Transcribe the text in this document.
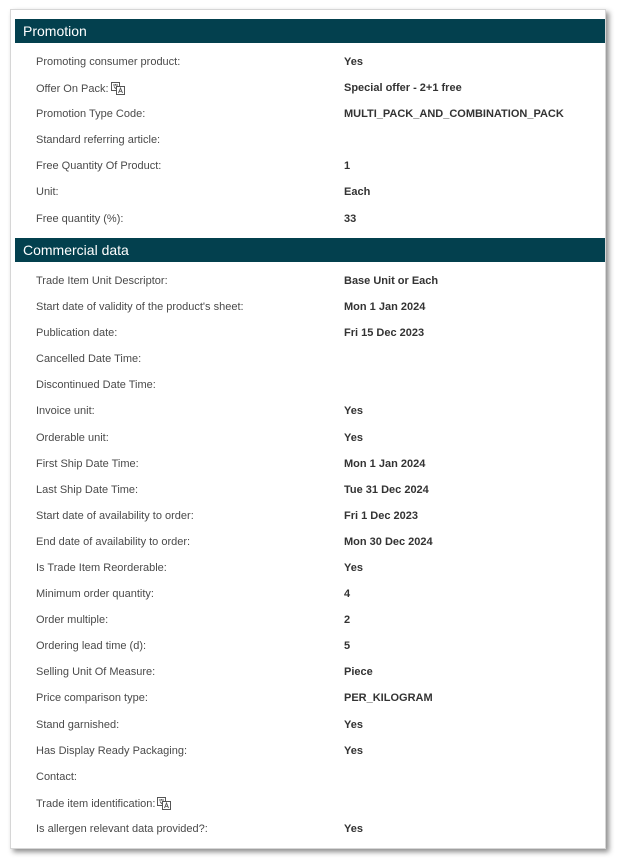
Promotion
Promoting consumer product:	Yes
Offer On Pack:	Special offer - 2+1 free
Promotion Type Code:	MULTI_PACK_AND_COMBINATION_PACK
Standard referring article:
Free Quantity Of Product:	1
Unit:	Each
Free quantity (%):	33
Commercial data
Trade Item Unit Descriptor:	Base Unit or Each
Start date of validity of the product's sheet:	Mon 1 Jan 2024
Publication date:	Fri 15 Dec 2023
Cancelled Date Time:
Discontinued Date Time:
Invoice unit:	Yes
Orderable unit:	Yes
First Ship Date Time:	Mon 1 Jan 2024
Last Ship Date Time:	Tue 31 Dec 2024
Start date of availability to order:	Fri 1 Dec 2023
End date of availability to order:	Mon 30 Dec 2024
Is Trade Item Reorderable:	Yes
Minimum order quantity:	4
Order multiple:	2
Ordering lead time (d):	5
Selling Unit Of Measure:	Piece
Price comparison type:	PER_KILOGRAM
Stand garnished:	Yes
Has Display Ready Packaging:	Yes
Contact:
Trade item identification:
Is allergen relevant data provided?:	Yes
